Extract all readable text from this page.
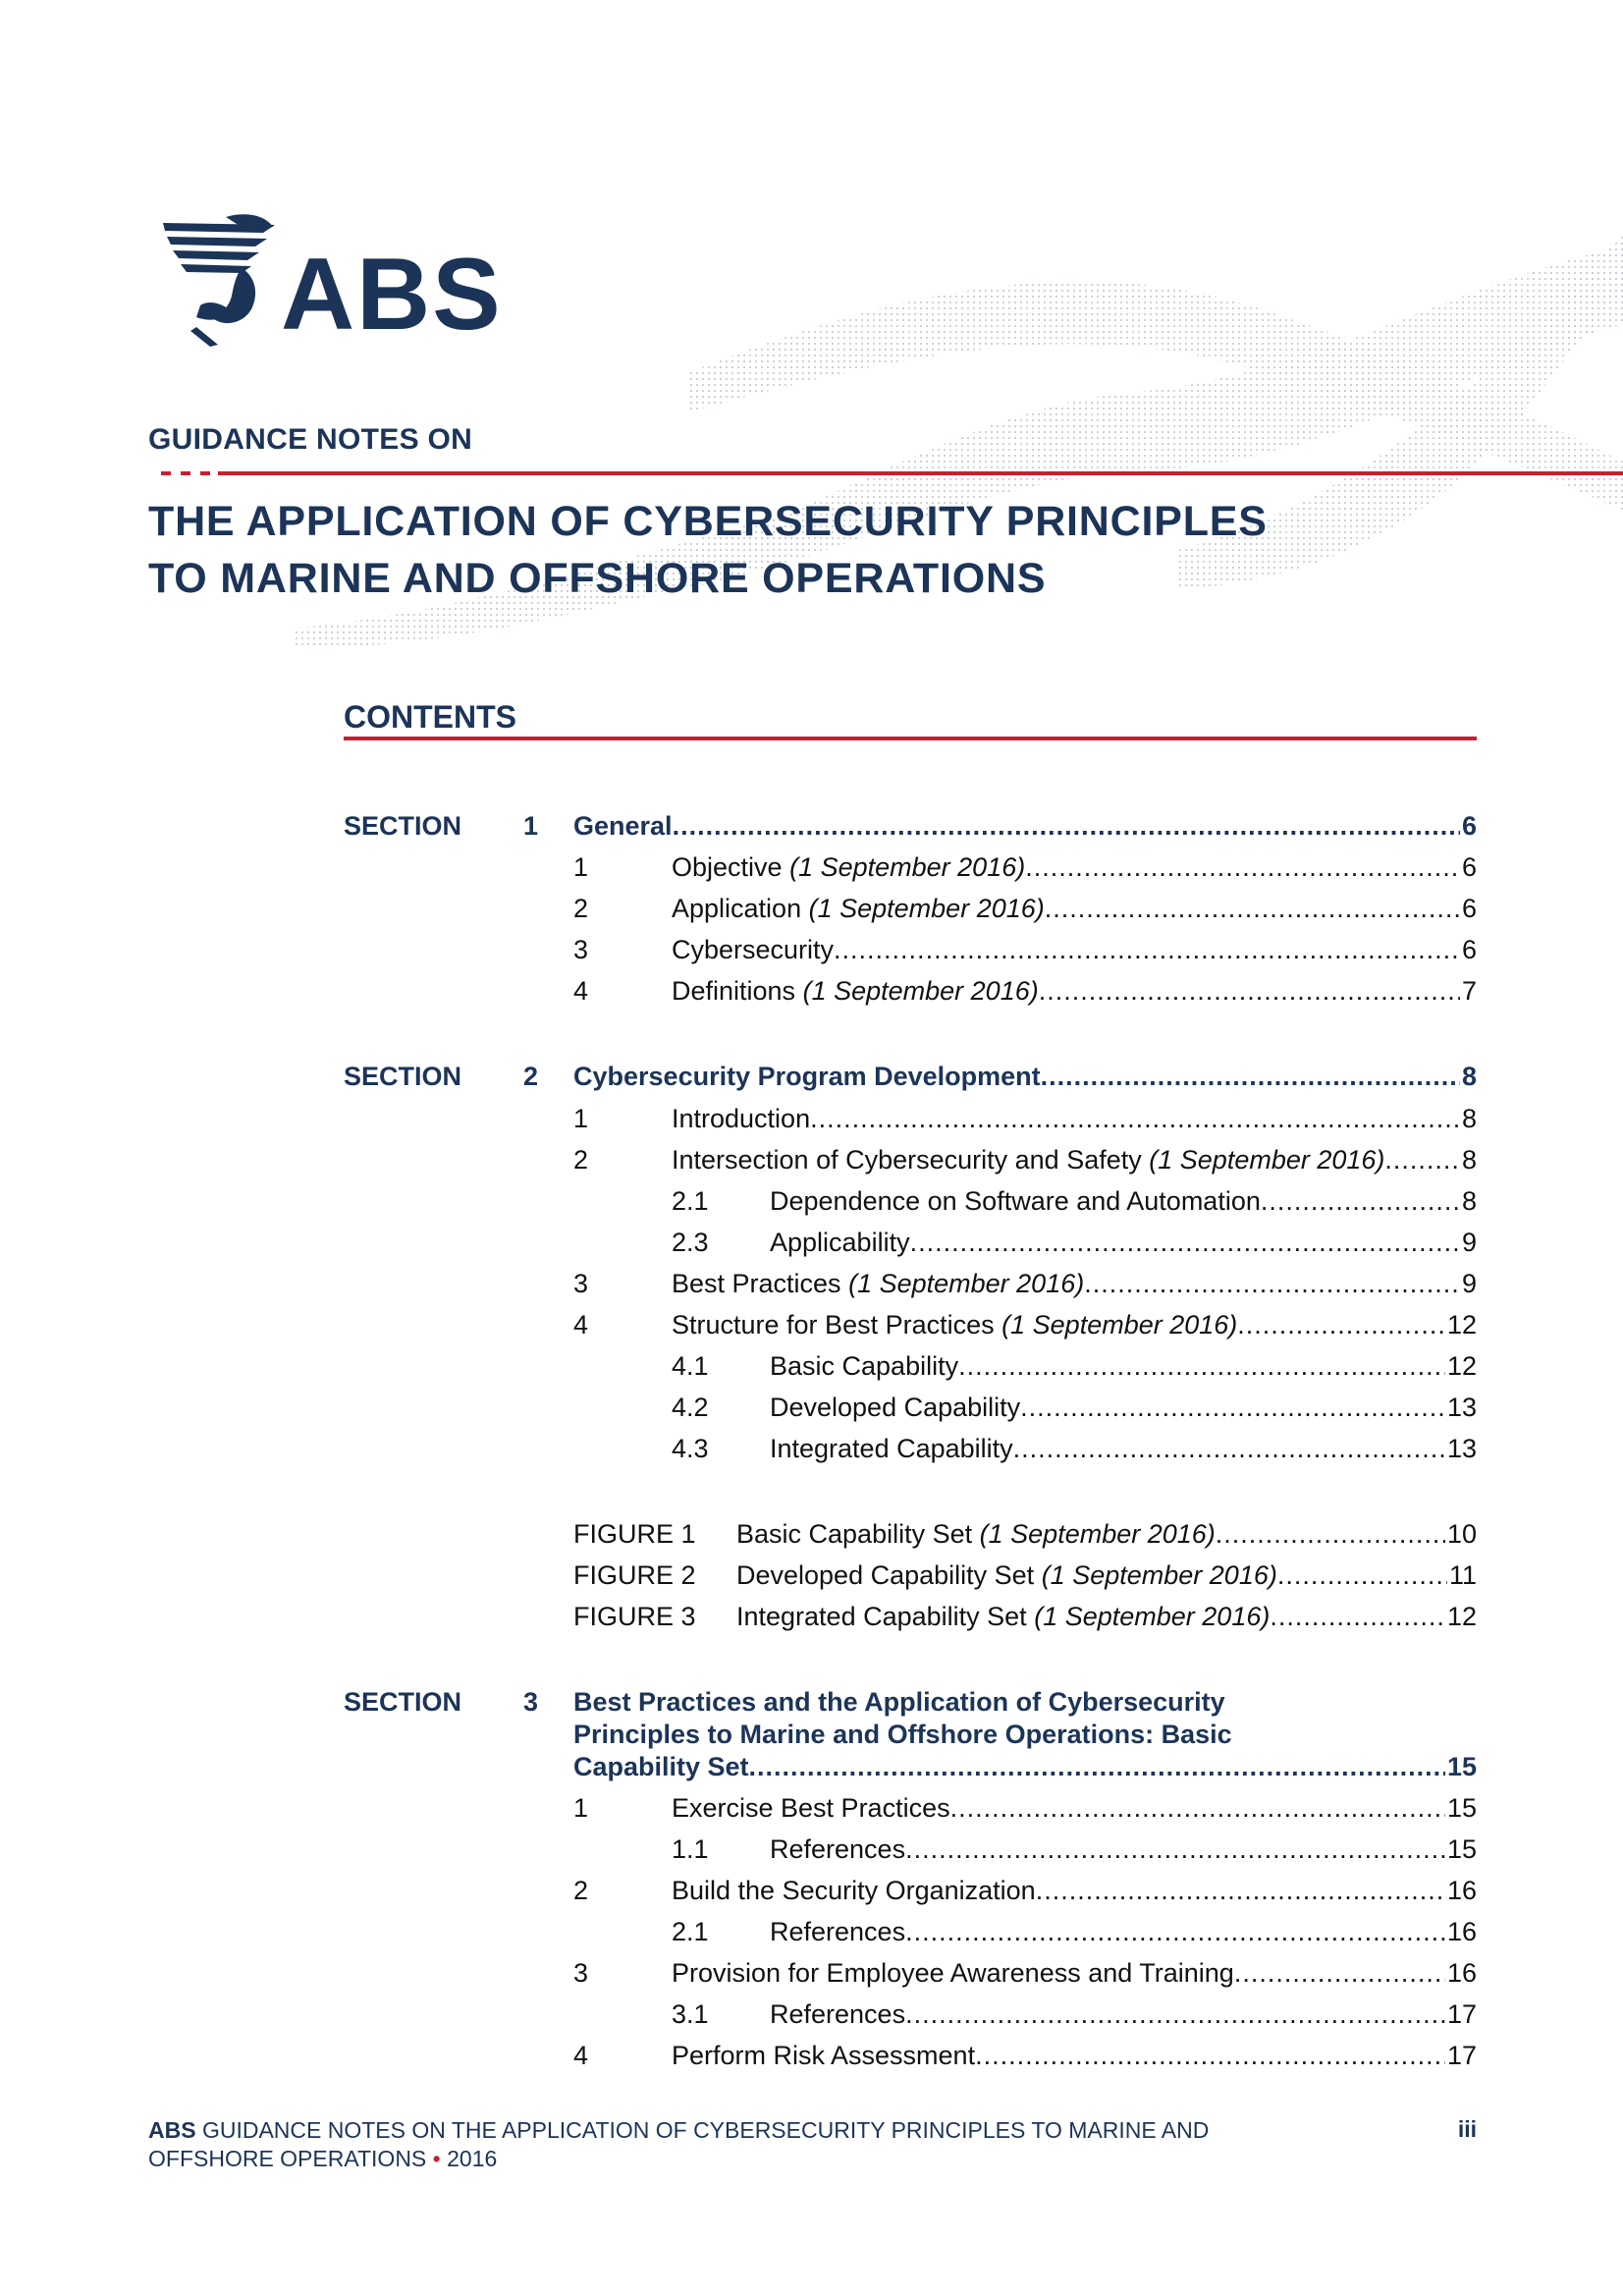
ABS
GUIDANCE NOTES ON
THE APPLICATION OF CYBERSECURITY PRINCIPLES
TO MARINE AND OFFSHORE OPERATIONS
CONTENTS
SECTION 1 General .....	6
1	Objective (1 September 2016) .....	6
2	Application (1 September 2016) .....	6
3	Cybersecurity .....	6
4	Definitions (1 September 2016) .....	7
SECTION 2 Cybersecurity Program Development .....	8
1	Introduction .....	8
2	Intersection of Cybersecurity and Safety (1 September 2016) .....	8
2.1 Dependence on Software and Automation .....	8
2.3 Applicability .....	9
3	Best Practices (1 September 2016) .....	9
4	Structure for Best Practices (1 September 2016) .....	12
4.1 Basic Capability .....	12
4.2 Developed Capability .....	13
4.3 Integrated Capability .....	13
FIGURE 1 Basic Capability Set (1 September 2016) .....	10
FIGURE 2 Developed Capability Set (1 September 2016) .....	11
FIGURE 3 Integrated Capability Set (1 September 2016) .....	12
SECTION 3 Best Practices and the Application of Cybersecurity
Principles to Marine and Offshore Operations: Basic
Capability Set .....	15
1	Exercise Best Practices .....	15
1.1 References .....	15
2	Build the Security Organization .....	16
2.1 References .....	16
3	Provision for Employee Awareness and Training .....	16
3.1 References .....	17
4	Perform Risk Assessment .....	17
ABS GUIDANCE NOTES ON THE APPLICATION OF CYBERSECURITY PRINCIPLES TO MARINE AND
OFFSHORE OPERATIONS • 2016
iii
